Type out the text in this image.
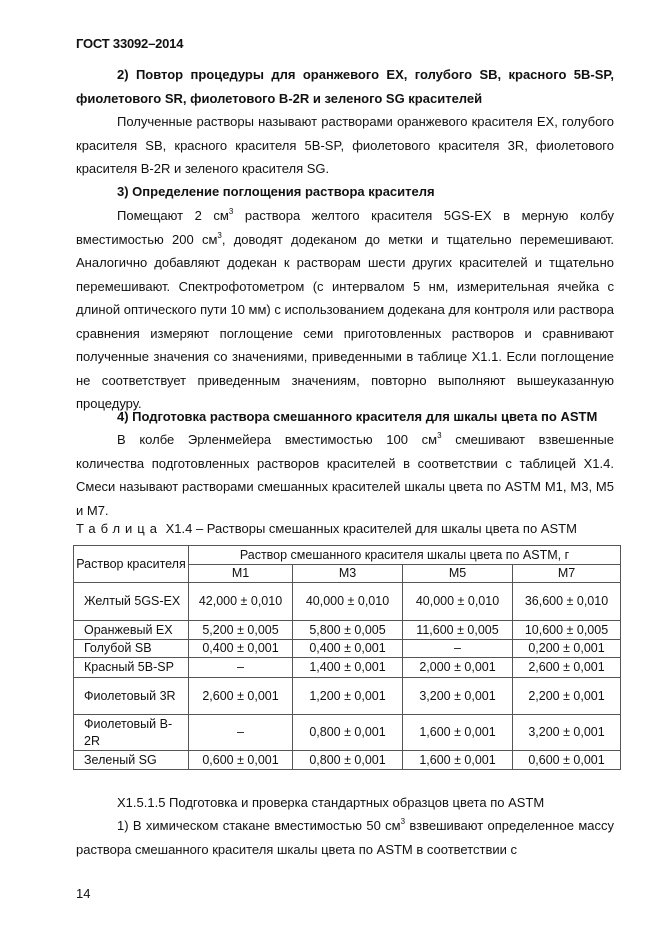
ГОСТ 33092–2014
2) Повтор процедуры для оранжевого EX, голубого SB, красного 5B-SP, фиолетового SR, фиолетового B-2R и зеленого SG красителей
Полученные растворы называют растворами оранжевого красителя EX, голубого красителя SB, красного красителя 5B-SP, фиолетового красителя 3R, фиолетового красителя B-2R и зеленого красителя SG.
3) Определение поглощения раствора красителя
Помещают 2 $см^3$ раствора желтого красителя 5GS-EX в мерную колбу вместимостью 200 $см^3$, доводят додеканом до метки и тщательно перемешивают. Аналогично добавляют додекан к растворам шести других красителей и тщательно перемешивают. Спектрофотометром (с интервалом 5 нм, измерительная ячейка с длиной оптического пути 10 мм) с использованием додекана для контроля или раствора сравнения измеряют поглощение семи приготовленных растворов и сравнивают полученные значения со значениями, приведенными в таблице X1.1. Если поглощение не соответствует приведенным значениям, повторно выполняют вышеуказанную процедуру.
4) Подготовка раствора смешанного красителя для шкалы цвета по ASTM
В колбе Эрленмейера вместимостью 100 $см^3$ смешивают взвешенные количества подготовленных растворов красителей в соответствии с таблицей X1.4. Смеси называют растворами смешанных красителей шкалы цвета по ASTM M1, M3, M5 и M7.
Таблица X1.4 – Растворы смешанных красителей для шкалы цвета по ASTM
Раствор красителя	Раствор смешанного красителя шкалы цвета по ASTM, г			
	M1	M3	M5	M7
Желтый 5GS-EX	42,000 ± 0,010	40,000 ± 0,010	40,000 ± 0,010	36,600 ± 0,010
Оранжевый EX	5,200 ± 0,005	5,800 ± 0,005	11,600 ± 0,005	10,600 ± 0,005
Голубой SB	0,400 ± 0,001	0,400 ± 0,001	–	0,200 ± 0,001
Красный 5B-SP	–	1,400 ± 0,001	2,000 ± 0,001	2,600 ± 0,001
Фиолетовый 3R	2,600 ± 0,001	1,200 ± 0,001	3,200 ± 0,001	2,200 ± 0,001
Фиолетовый B-2R	–	0,800 ± 0,001	1,600 ± 0,001	3,200 ± 0,001
Зеленый SG	0,600 ± 0,001	0,800 ± 0,001	1,600 ± 0,001	0,600 ± 0,001
X1.5.1.5 Подготовка и проверка стандартных образцов цвета по ASTM
1) В химическом стакане вместимостью 50 $см^3$ взвешивают определенное массу раствора смешанного красителя шкалы цвета по ASTM в соответствии с
14
